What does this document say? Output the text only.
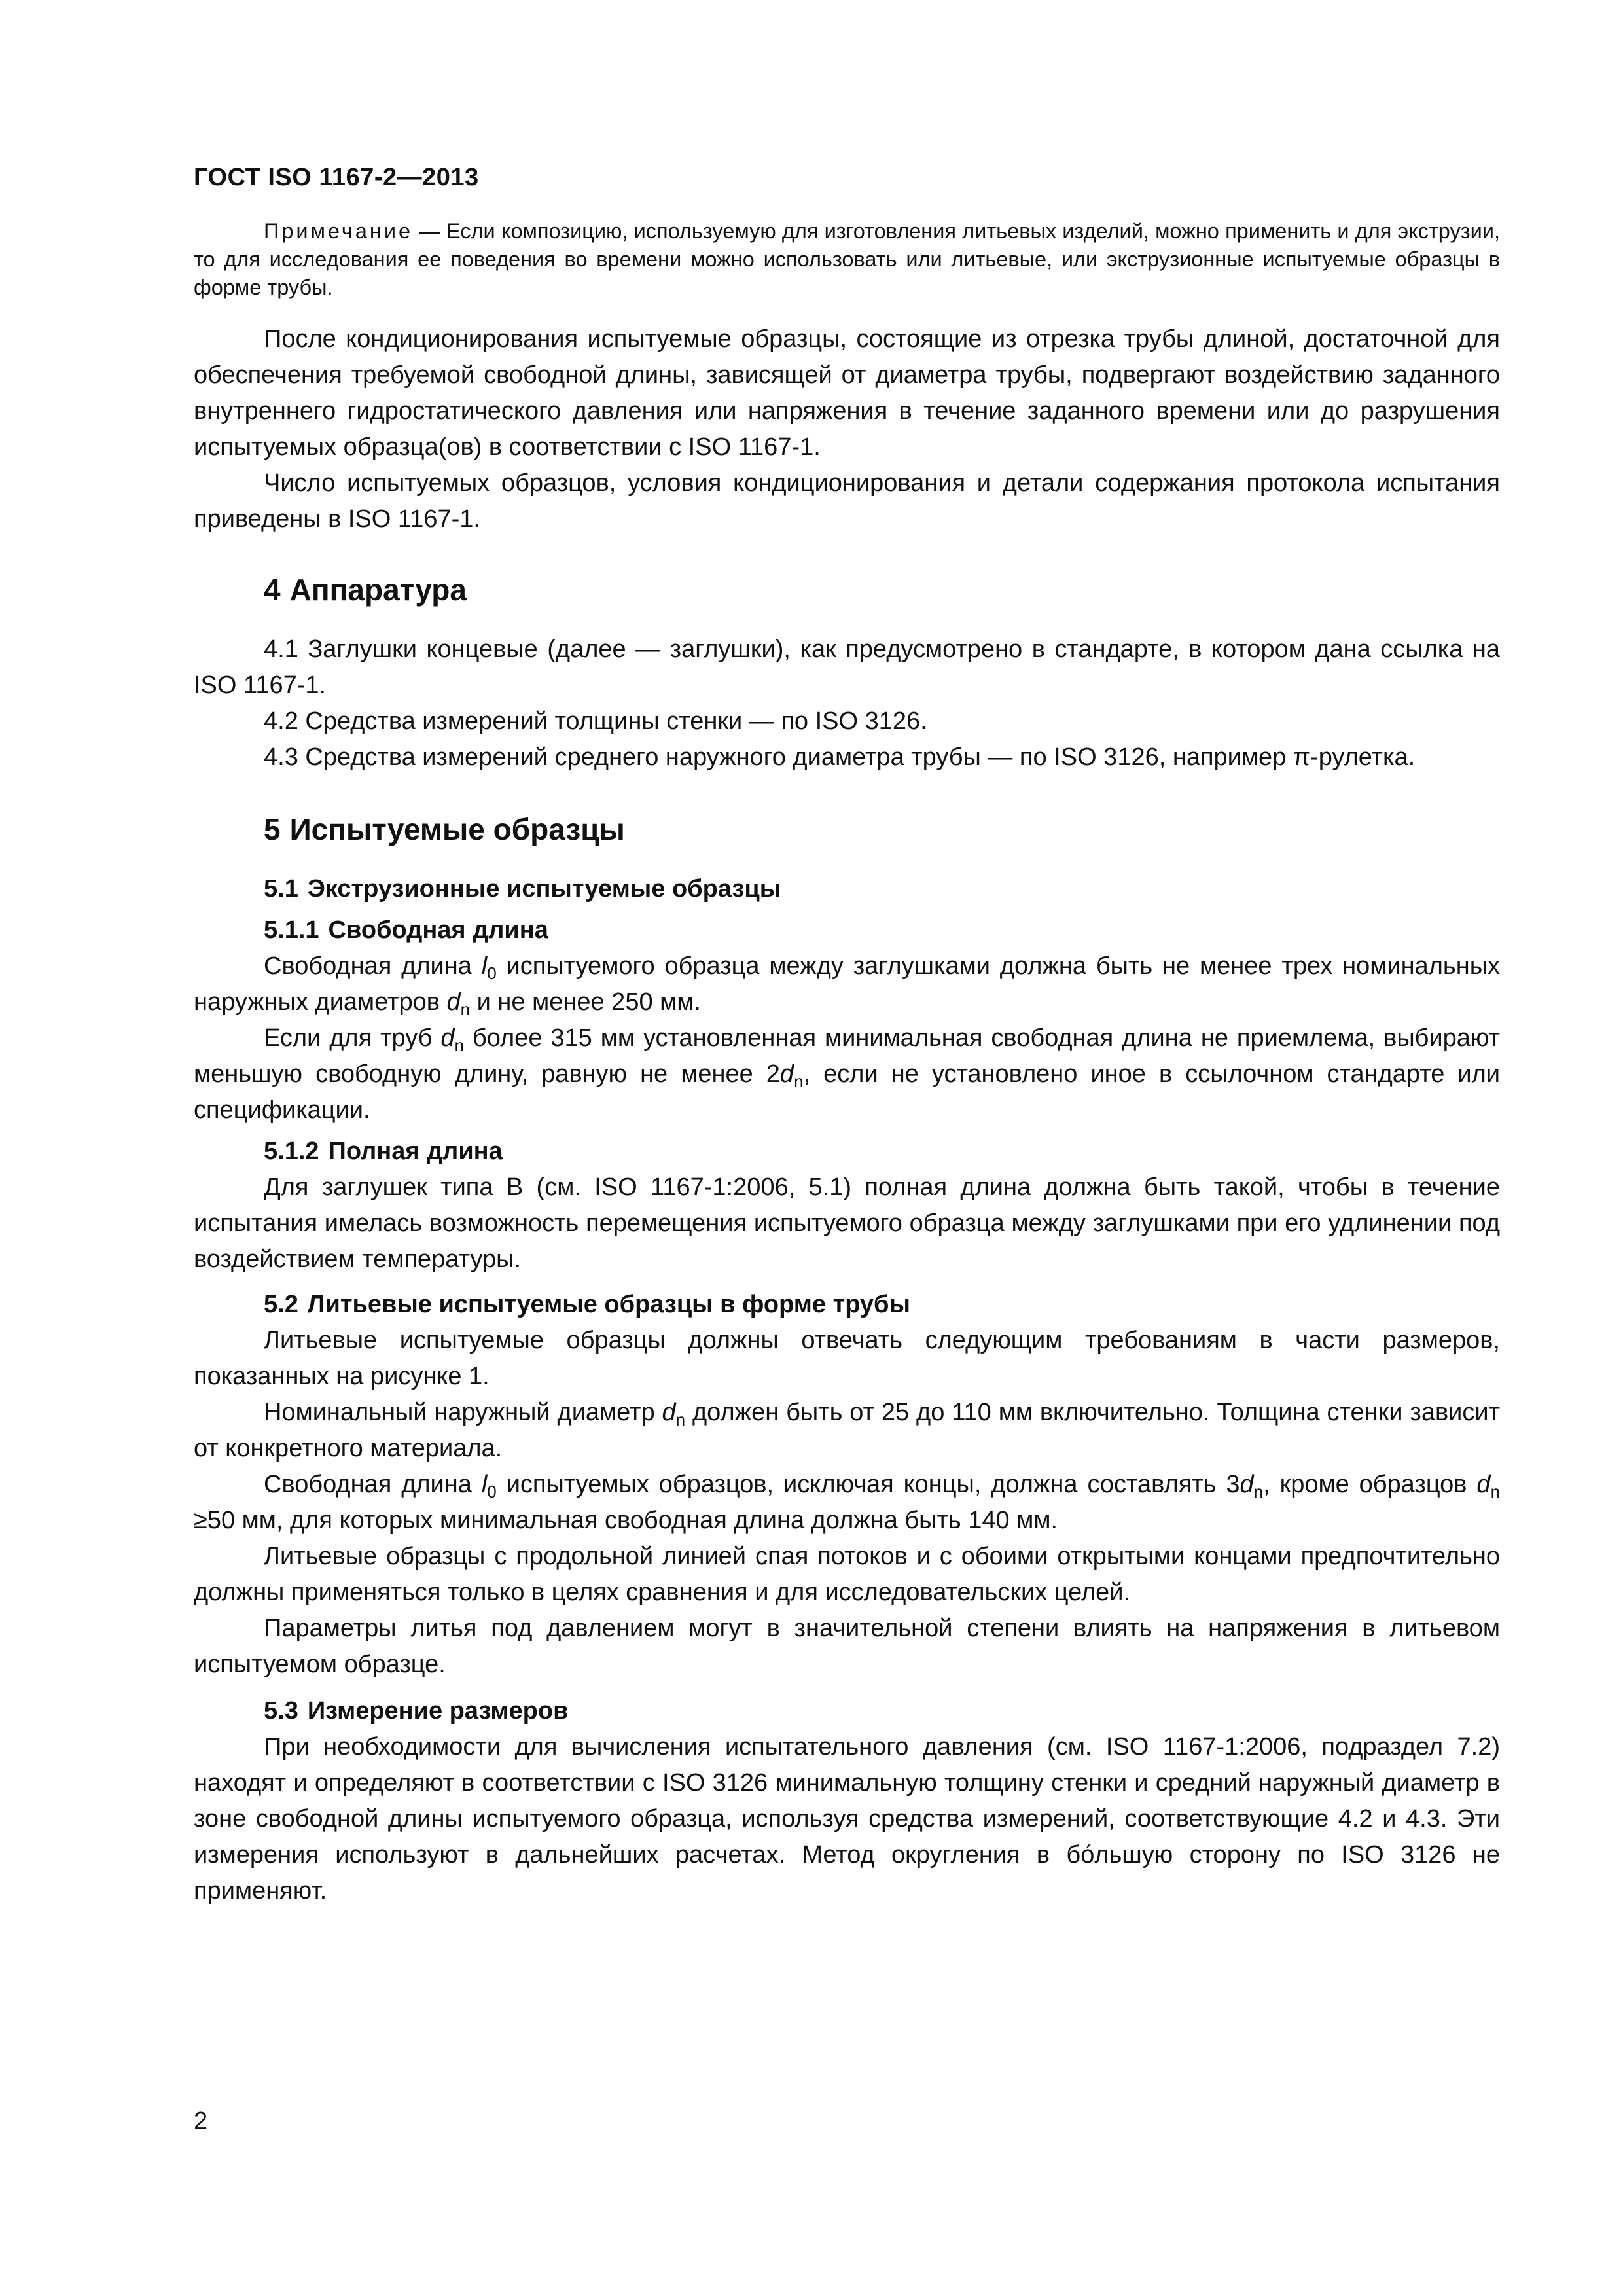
ГОСТ ISO 1167-2—2013

Примечание — Если композицию, используемую для изготовления литьевых изделий, можно применить и для экструзии, то для исследования ее поведения во времени можно использовать или литьевые, или экструзионные испытуемые образцы в форме трубы.

После кондиционирования испытуемые образцы, состоящие из отрезка трубы длиной, достаточной для обеспечения требуемой свободной длины, зависящей от диаметра трубы, подвергают воздействию заданного внутреннего гидростатического давления или напряжения в течение заданного времени или до разрушения испытуемых образца(ов) в соответствии с ISO 1167-1.

Число испытуемых образцов, условия кондиционирования и детали содержания протокола испытания приведены в ISO 1167-1.

4 Аппаратура

4.1 Заглушки концевые (далее — заглушки), как предусмотрено в стандарте, в котором дана ссылка на ISO 1167-1.

4.2 Средства измерений толщины стенки — по ISO 3126.

4.3 Средства измерений среднего наружного диаметра трубы — по ISO 3126, например π-рулетка.

5 Испытуемые образцы
5.1 Экструзионные испытуемые образцы
5.1.1 Свободная длина

Свободная длина $l_0$ испытуемого образца между заглушками должна быть не менее трех номинальных наружных диаметров $d_n$ и не менее 250 мм.

Если для труб $d_n$ более 315 мм установленная минимальная свободная длина не приемлема, выбирают меньшую свободную длину, равную не менее $2d_n$, если не установлено иное в ссылочном стандарте или спецификации.

5.1.2 Полная длина

Для заглушек типа В (см. ISO 1167-1:2006, 5.1) полная длина должна быть такой, чтобы в течение испытания имелась возможность перемещения испытуемого образца между заглушками при его удлинении под воздействием температуры.

5.2 Литьевые испытуемые образцы в форме трубы

Литьевые испытуемые образцы должны отвечать следующим требованиям в части размеров, показанных на рисунке 1.

Номинальный наружный диаметр $d_n$ должен быть от 25 до 110 мм включительно. Толщина стенки зависит от конкретного материала.

Свободная длина $l_0$ испытуемых образцов, исключая концы, должна составлять $3d_n$, кроме образцов $d_n \ge 50$ мм, для которых минимальная свободная длина должна быть 140 мм.

Литьевые образцы с продольной линией спая потоков и с обоими открытыми концами предпочтительно должны применяться только в целях сравнения и для исследовательских целей.

Параметры литья под давлением могут в значительной степени влиять на напряжения в литьевом испытуемом образце.

5.3 Измерение размеров

При необходимости для вычисления испытательного давления (см. ISO 1167-1:2006, подраздел 7.2) находят и определяют в соответствии с ISO 3126 минимальную толщину стенки и средний наружный диаметр в зоне свободной длины испытуемого образца, используя средства измерений, соответствующие 4.2 и 4.3. Эти измерения используют в дальнейших расчетах. Метод округления в бо́льшую сторону по ISO 3126 не применяют.

2
